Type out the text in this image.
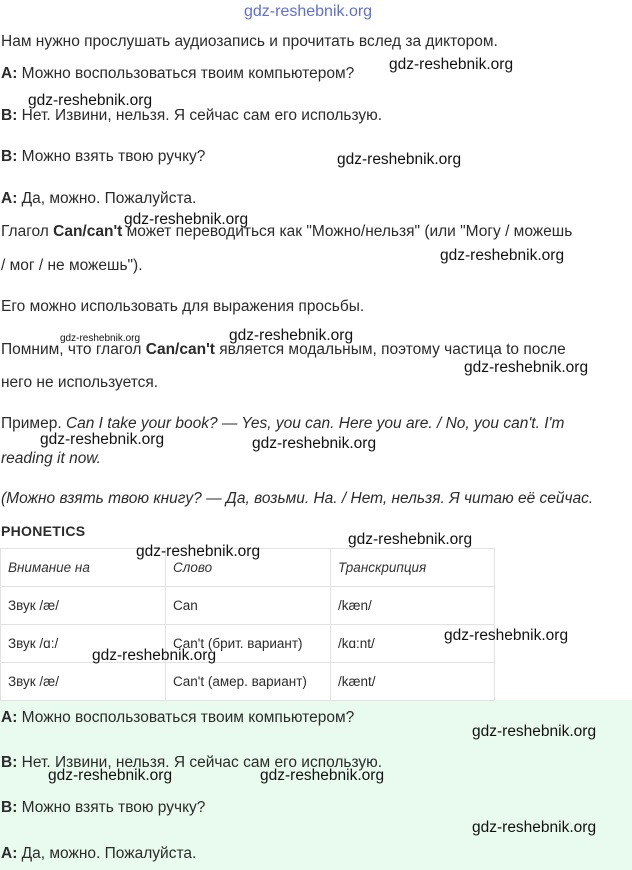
Нам нужно прослушать аудиозапись и прочитать вслед за диктором.
A: Можно воспользоваться твоим компьютером?
B: Нет. Извини, нельзя. Я сейчас сам его использую.
B: Можно взять твою ручку?
A: Да, можно. Пожалуйста.
Глагол Can/can't может переводиться как "Можно/нельзя" (или "Могу / можешь
/ мог / не можешь").
Его можно использовать для выражения просьбы.
Помним, что глагол Can/can't является модальным, поэтому частица to после
него не используется.
Пример. Can I take your book? — Yes, you can. Here you are. / No, you can't. I'm
reading it now.
(Можно взять твою книгу? — Да, возьми. На. / Нет, нельзя. Я читаю её сейчас.
PHONETICS
Внимание на	Слово	Транскрипция
Звук /æ/	Can	/kæn/
Звук /ɑ:/	Can't (брит. вариант)	/kɑ:nt/
Звук /æ/	Can't (амер. вариант)	/kænt/
A: Можно воспользоваться твоим компьютером?
B: Нет. Извини, нельзя. Я сейчас сам его использую.
B: Можно взять твою ручку?
A: Да, можно. Пожалуйста.
gdz-reshebnik.org
gdz-reshebnik.org
gdz-reshebnik.org
gdz-reshebnik.org
gdz-reshebnik.org
gdz-reshebnik.org
gdz-reshebnik.org	gdz-reshebnik.org
gdz-reshebnik.org
gdz-reshebnik.org	gdz-reshebnik.org
gdz-reshebnik.org
gdz-reshebnik.org
gdz-reshebnik.org
gdz-reshebnik.org
gdz-reshebnik.org
gdz-reshebnik.org	gdz-reshebnik.org
gdz-reshebnik.org
